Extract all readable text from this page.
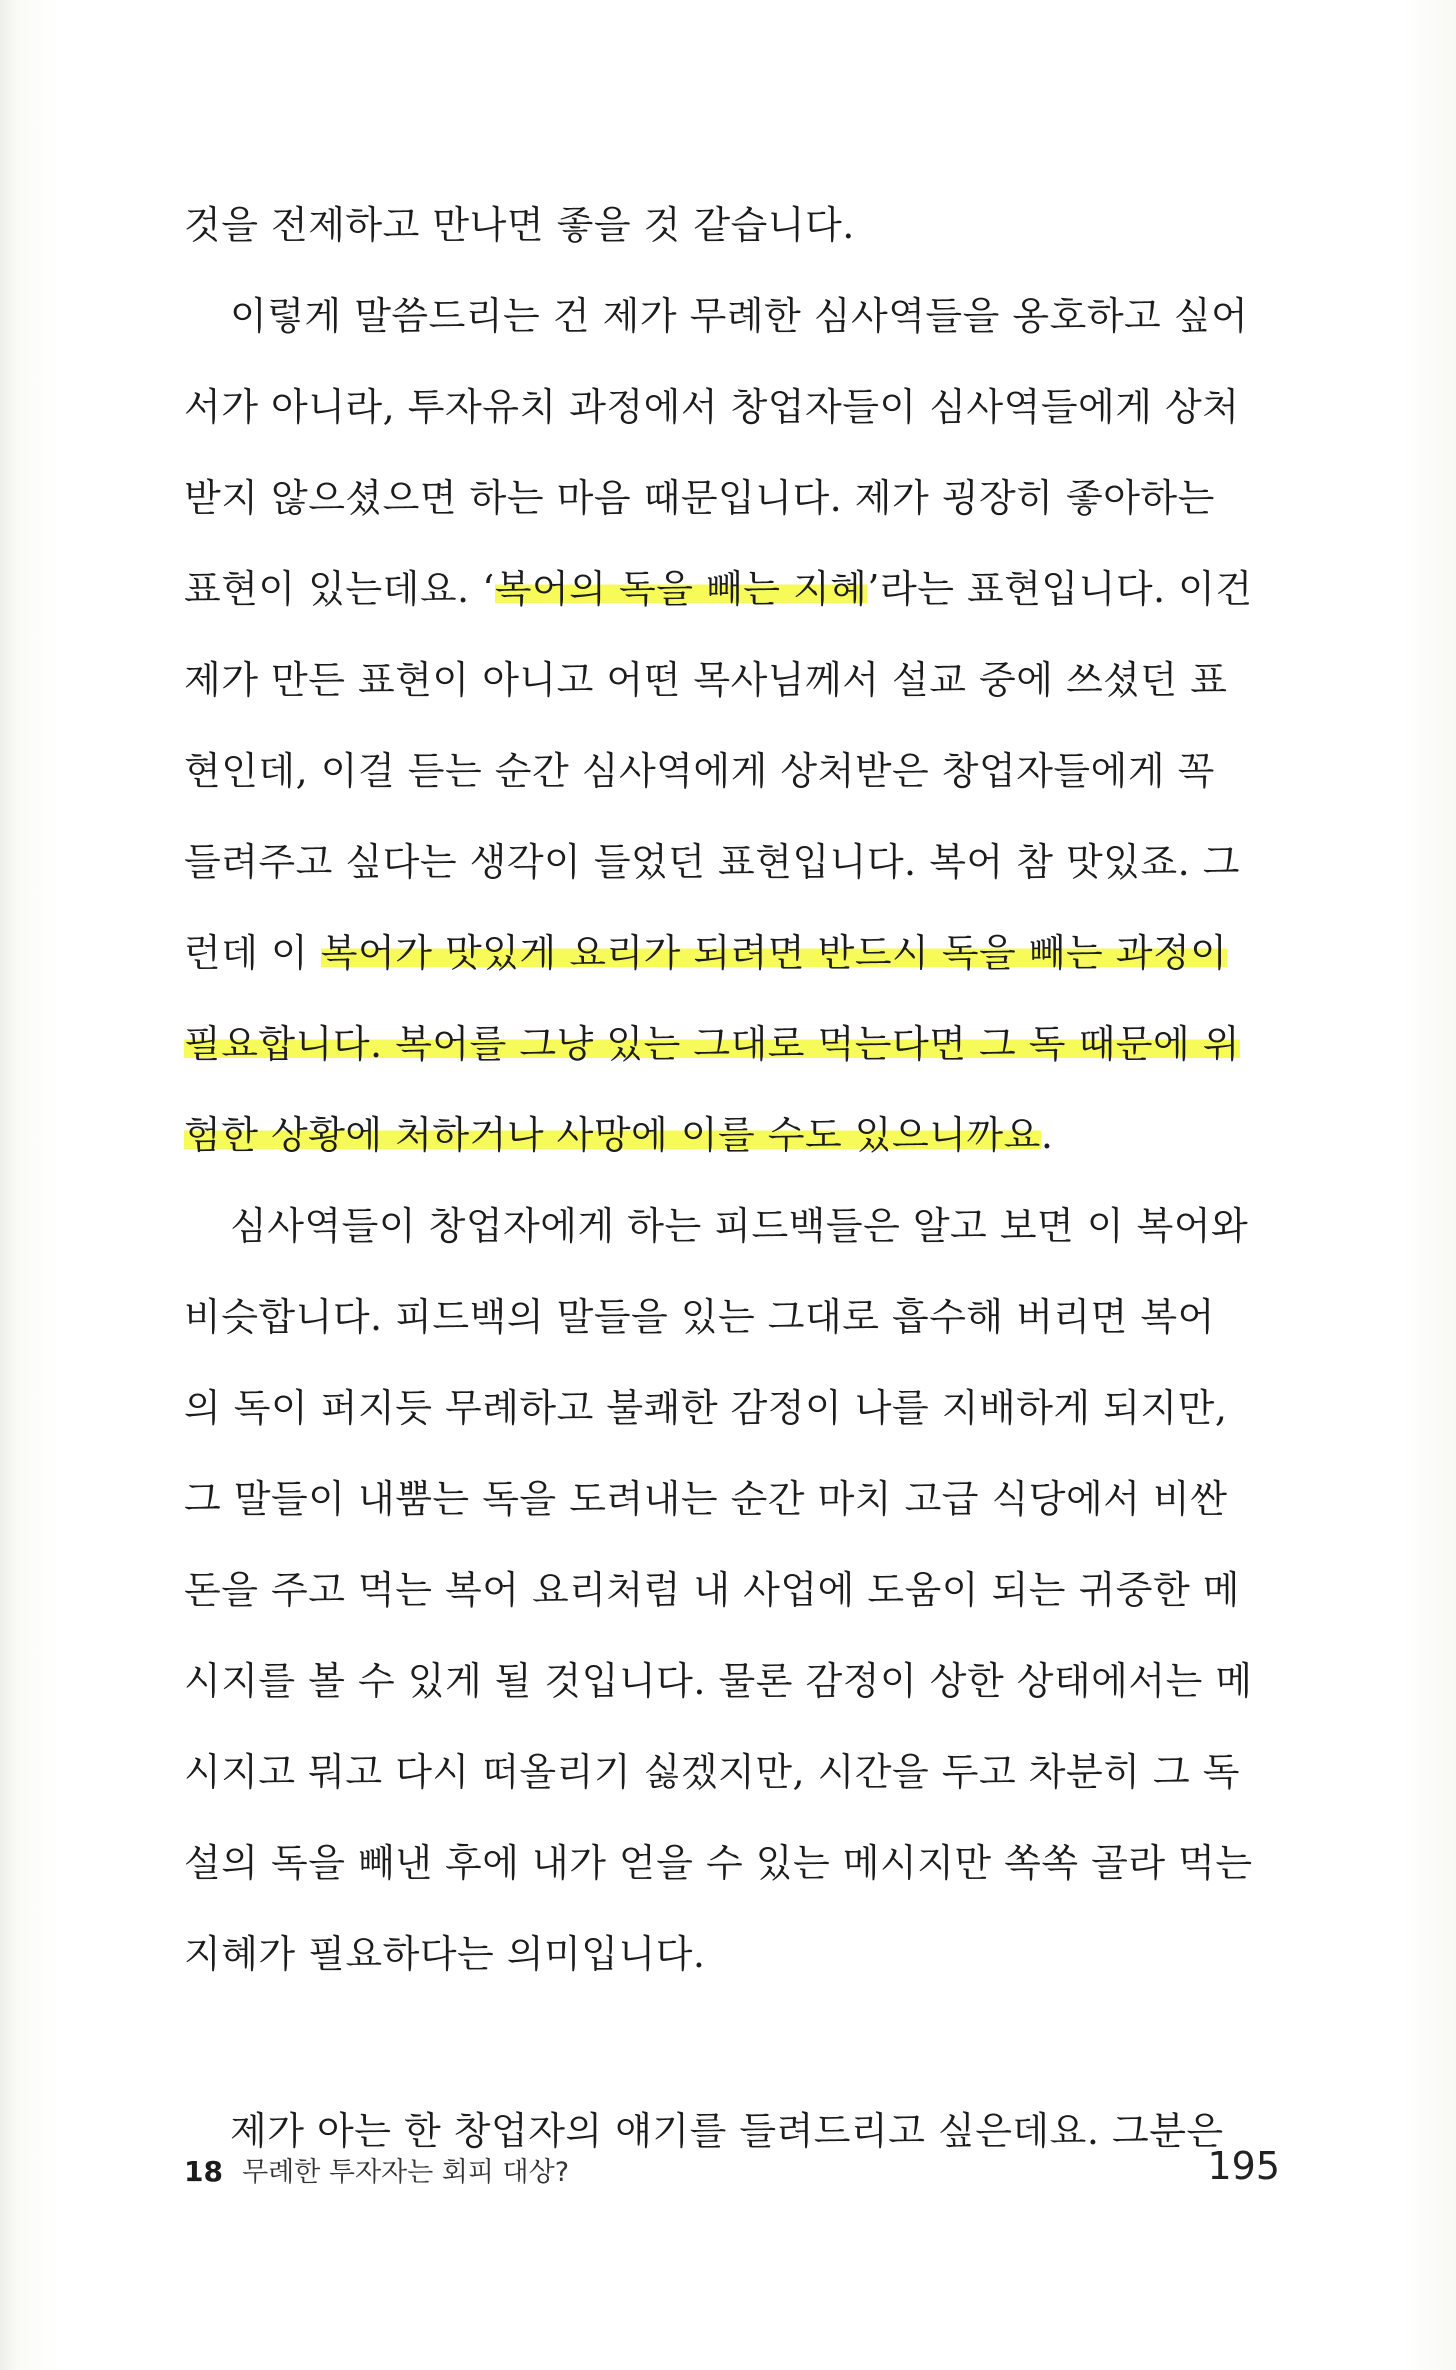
것을 전제하고 만나면 좋을 것 같습니다.
이렇게 말씀드리는 건 제가 무례한 심사역들을 옹호하고 싶어
서가 아니라, 투자유치 과정에서 창업자들이 심사역들에게 상처
받지 않으셨으면 하는 마음 때문입니다. 제가 굉장히 좋아하는
표현이 있는데요. ‘복어의 독을 빼는 지혜’라는 표현입니다. 이건
제가 만든 표현이 아니고 어떤 목사님께서 설교 중에 쓰셨던 표
현인데, 이걸 듣는 순간 심사역에게 상처받은 창업자들에게 꼭
들려주고 싶다는 생각이 들었던 표현입니다. 복어 참 맛있죠. 그
런데 이 복어가 맛있게 요리가 되려면 반드시 독을 빼는 과정이
필요합니다. 복어를 그냥 있는 그대로 먹는다면 그 독 때문에 위
험한 상황에 처하거나 사망에 이를 수도 있으니까요.
심사역들이 창업자에게 하는 피드백들은 알고 보면 이 복어와
비슷합니다. 피드백의 말들을 있는 그대로 흡수해 버리면 복어
의 독이 퍼지듯 무례하고 불쾌한 감정이 나를 지배하게 되지만,
그 말들이 내뿜는 독을 도려내는 순간 마치 고급 식당에서 비싼
돈을 주고 먹는 복어 요리처럼 내 사업에 도움이 되는 귀중한 메
시지를 볼 수 있게 될 것입니다. 물론 감정이 상한 상태에서는 메
시지고 뭐고 다시 떠올리기 싫겠지만, 시간을 두고 차분히 그 독
설의 독을 빼낸 후에 내가 얻을 수 있는 메시지만 쏙쏙 골라 먹는
지혜가 필요하다는 의미입니다.
제가 아는 한 창업자의 얘기를 들려드리고 싶은데요. 그분은
18 무례한 투자자는 회피 대상?	195
